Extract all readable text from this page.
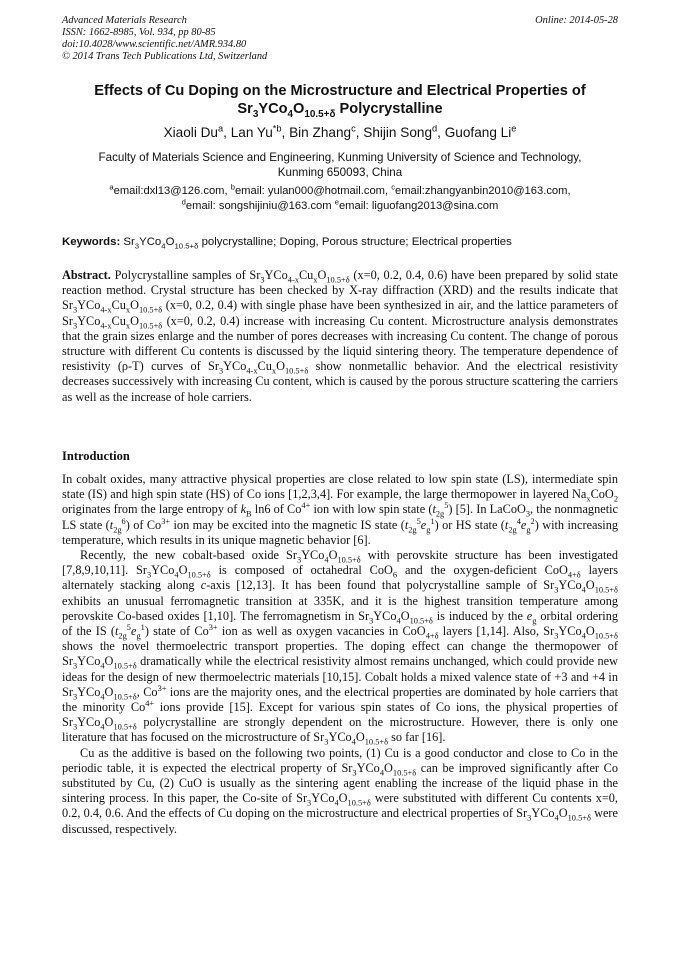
Advanced Materials Research
ISSN: 1662-8985, Vol. 934, pp 80-85
doi:10.4028/www.scientific.net/AMR.934.80
© 2014 Trans Tech Publications Ltd, Switzerland
Online: 2014-05-28
Effects of Cu Doping on the Microstructure and Electrical Properties of
$Sr_3YCo_4O_{10.5+\delta}$ Polycrystalline
Xiaoli Du$^a$, Lan Yu$^{*b}$, Bin Zhang$^c$, Shijin Song$^d$, Guofang Li$^e$
Faculty of Materials Science and Engineering, Kunming University of Science and Technology,
Kunming 650093, China
$^a$email:dxl13@126.com, $^b$email: yulan000@hotmail.com, $^c$email:zhangyanbin2010@163.com,
$^d$email: songshijiniu@163.com $^e$email: liguofang2013@sina.com
Keywords: $Sr_3YCo_4O_{10.5+\delta}$ polycrystalline; Doping, Porous structure; Electrical properties

Abstract. Polycrystalline samples of $Sr_3YCo_{4-x}Cu_xO_{10.5+\delta}$ (x=0, 0.2, 0.4, 0.6) have been prepared by solid state reaction method. Crystal structure has been checked by X-ray diffraction (XRD) and the results indicate that $Sr_3YCo_{4-x}Cu_xO_{10.5+\delta}$ (x=0, 0.2, 0.4) with single phase have been synthesized in air, and the lattice parameters of $Sr_3YCo_{4-x}Cu_xO_{10.5+\delta}$ (x=0, 0.2, 0.4) increase with increasing Cu content. Microstructure analysis demonstrates that the grain sizes enlarge and the number of pores decreases with increasing Cu content. The change of porous structure with different Cu contents is discussed by the liquid sintering theory. The temperature dependence of resistivity (ρ-T) curves of $Sr_3YCo_{4-x}Cu_xO_{10.5+\delta}$ show nonmetallic behavior. And the electrical resistivity decreases successively with increasing Cu content, which is caused by the porous structure scattering the carriers as well as the increase of hole carriers.

Introduction

In cobalt oxides, many attractive physical properties are close related to low spin state (LS), intermediate spin state (IS) and high spin state (HS) of Co ions [1,2,3,4]. For example, the large thermopower in layered $Na_xCoO_2$ originates from the large entropy of $k_B$ ln6 of $Co^{4+}$ ion with low spin state $(t_{2g}^5)$ [5]. In LaCoO$_3$, the nonmagnetic LS state $(t_{2g}^6)$ of $Co^{3+}$ ion may be excited into the magnetic IS state $(t_{2g}^5e_g^1)$ or HS state $(t_{2g}^4e_g^2)$ with increasing temperature, which results in its unique magnetic behavior [6].

Recently, the new cobalt-based oxide $Sr_3YCo_4O_{10.5+\delta}$ with perovskite structure has been investigated [7,8,9,10,11]. $Sr_3YCo_4O_{10.5+\delta}$ is composed of octahedral CoO$_6$ and the oxygen-deficient CoO$_{4+\delta}$ layers alternately stacking along c-axis [12,13]. It has been found that polycrystalline sample of $Sr_3YCo_4O_{10.5+\delta}$ exhibits an unusual ferromagnetic transition at 335K, and it is the highest transition temperature among perovskite Co-based oxides [1,10]. The ferromagnetism in $Sr_3YCo_4O_{10.5+\delta}$ is induced by the $e_g$ orbital ordering of the IS $(t_{2g}^5e_g^1)$ state of $Co^{3+}$ ion as well as oxygen vacancies in CoO$_{4+\delta}$ layers [1,14]. Also, $Sr_3YCo_4O_{10.5+\delta}$ shows the novel thermoelectric transport properties. The doping effect can change the thermopower of $Sr_3YCo_4O_{10.5+\delta}$ dramatically while the electrical resistivity almost remains unchanged, which could provide new ideas for the design of new thermoelectric materials [10,15]. Cobalt holds a mixed valence state of +3 and +4 in $Sr_3YCo_4O_{10.5+\delta}$, $Co^{3+}$ ions are the majority ones, and the electrical properties are dominated by hole carriers that the minority $Co^{4+}$ ions provide [15]. Except for various spin states of Co ions, the physical properties of $Sr_3YCo_4O_{10.5+\delta}$ polycrystalline are strongly dependent on the microstructure. However, there is only one literature that has focused on the microstructure of $Sr_3YCo_4O_{10.5+\delta}$ so far [16].

Cu as the additive is based on the following two points, (1) Cu is a good conductor and close to Co in the periodic table, it is expected the electrical property of $Sr_3YCo_4O_{10.5+\delta}$ can be improved significantly after Co substituted by Cu, (2) CuO is usually as the sintering agent enabling the increase of the liquid phase in the sintering process. In this paper, the Co-site of $Sr_3YCo_4O_{10.5+\delta}$ were substituted with different Cu contents x=0, 0.2, 0.4, 0.6. And the effects of Cu doping on the microstructure and electrical properties of $Sr_3YCo_4O_{10.5+\delta}$ were discussed, respectively.
